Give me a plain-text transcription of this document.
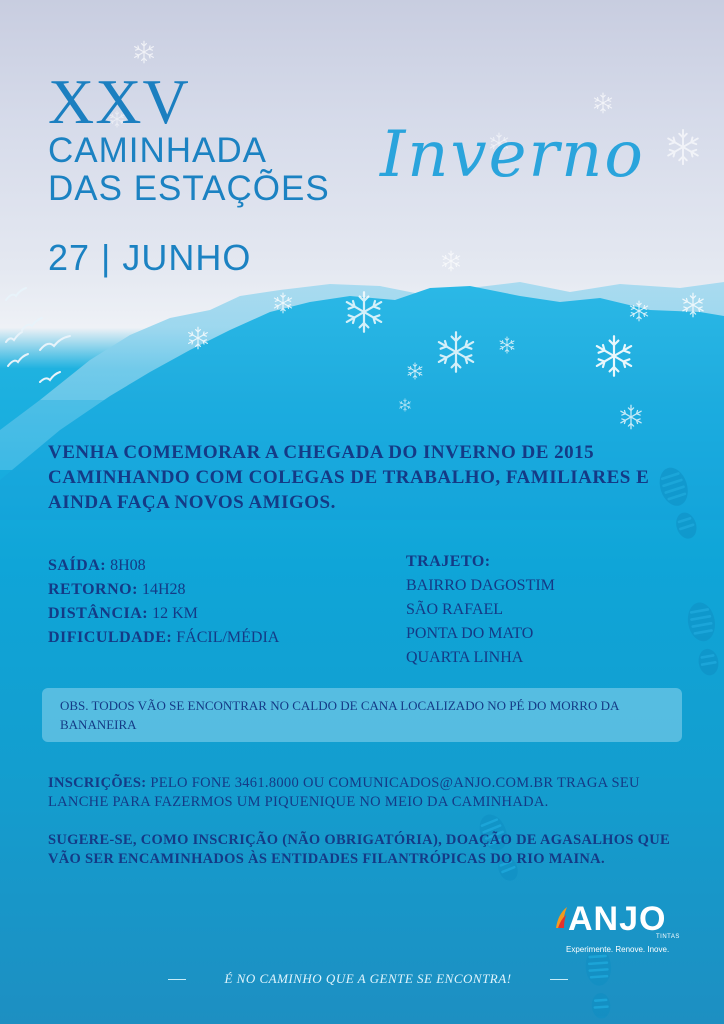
XXV
CAMINHADA
DAS ESTAÇÕES
27 | JUNHO
Inverno
VENHA COMEMORAR A CHEGADA DO INVERNO DE 2015 CAMINHANDO COM COLEGAS DE TRABALHO, FAMILIARES E AINDA FAÇA NOVOS AMIGOS.
SAÍDA: 8H08
RETORNO: 14H28
DISTÂNCIA: 12 KM
DIFICULDADE: FÁCIL/MÉDIA
TRAJETO:
BAIRRO DAGOSTIM
SÃO RAFAEL
PONTA DO MATO
QUARTA LINHA
OBS. TODOS VÃO SE ENCONTRAR NO CALDO DE CANA LOCALIZADO NO PÉ DO MORRO DA BANANEIRA
INSCRIÇÕES: PELO FONE 3461.8000 OU COMUNICADOS@ANJO.COM.BR TRAGA SEU LANCHE PARA FAZERMOS UM PIQUENIQUE NO MEIO DA CAMINHADA.
SUGERE-SE, COMO INSCRIÇÃO (NÃO OBRIGATÓRIA), DOAÇÃO DE AGASALHOS QUE VÃO SER ENCAMINHADOS ÀS ENTIDADES FILANTRÓPICAS DO RIO MAINA.
ANJO
TINTAS
Experimente. Renove. Inove.
É NO CAMINHO QUE A GENTE SE ENCONTRA!
